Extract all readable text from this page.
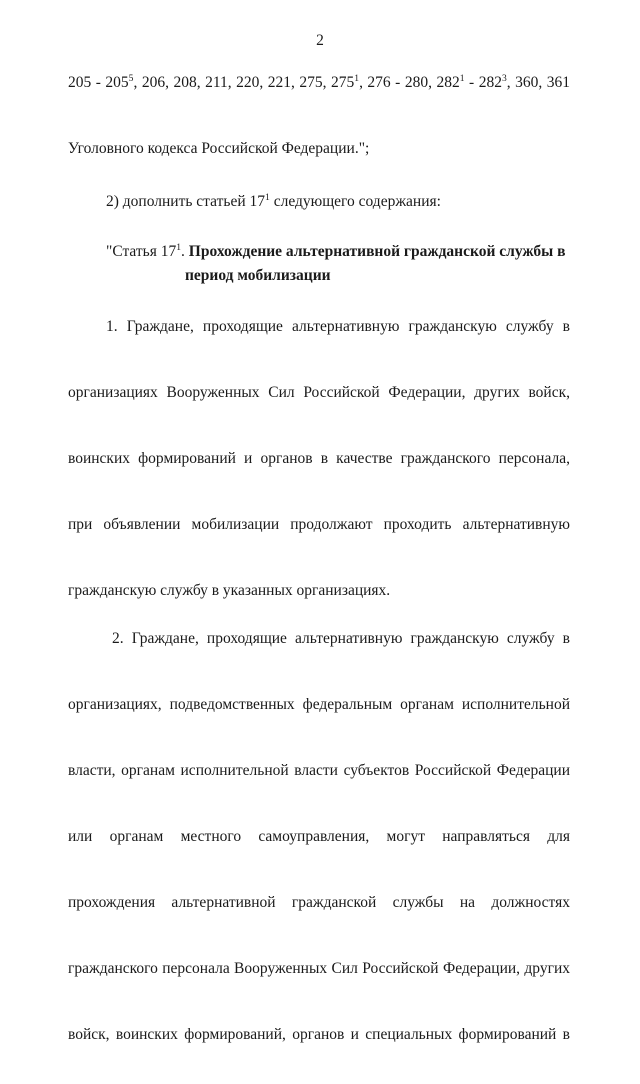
2
$205 - 205^5$, 206, 208, 211, 220, 221, 275, $275^1$, 276 - 280, $282^1 - 282^3$, 360, 361
Уголовного кодекса Российской Федерации.";
2) дополнить статьей $17^1$ следующего содержания:
"Статья $17^1$. Прохождение альтернативной гражданской службы в
период мобилизации
1. Граждане, проходящие альтернативную гражданскую службу в
организациях Вооруженных Сил Российской Федерации, других войск,
воинских формирований и органов в качестве гражданского персонала,
при объявлении мобилизации продолжают проходить альтернативную
гражданскую службу в указанных организациях.
2. Граждане, проходящие альтернативную гражданскую службу в
организациях, подведомственных федеральным органам исполнительной
власти, органам исполнительной власти субъектов Российской Федерации
или органам местного самоуправления, могут направляться для
прохождения альтернативной гражданской службы на должностях
гражданского персонала Вооруженных Сил Российской Федерации, других
войск, воинских формирований, органов и специальных формирований в
